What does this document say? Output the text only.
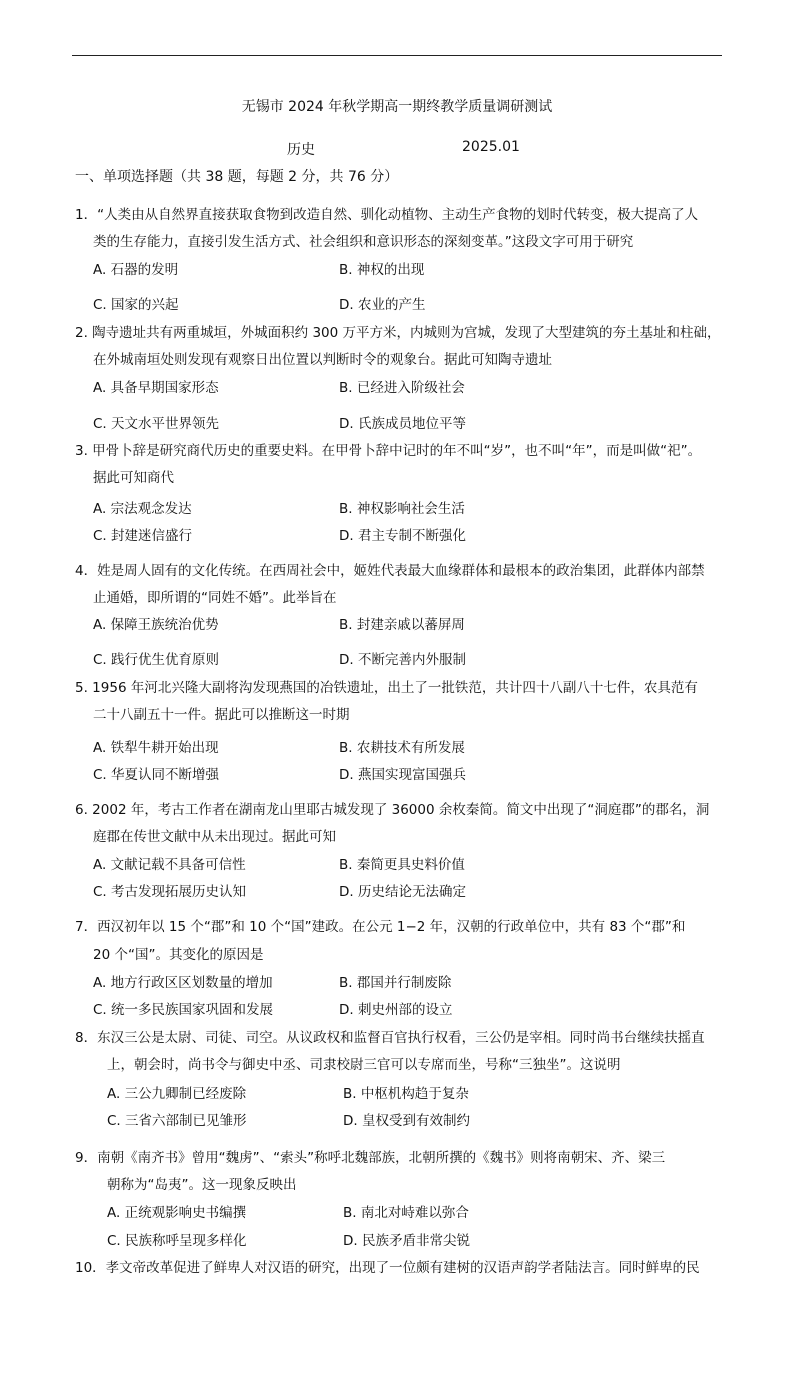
无锡市 2024 年秋学期高一期终教学质量调研测试
历史	2025.01
一、单项选择题（共 38 题，每题 2 分，共 76 分）
1．“人类由从自然界直接获取食物到改造自然、驯化动植物、主动生产食物的划时代转变，极大提高了人
类的生存能力，直接引发生活方式、社会组织和意识形态的深刻变革。”这段文字可用于研究
A. 石器的发明	B. 神权的出现
C. 国家的兴起	D. 农业的产生
2. 陶寺遗址共有两重城垣，外城面积约 300 万平方米，内城则为宫城，发现了大型建筑的夯土基址和柱础，
在外城南垣处则发现有观察日出位置以判断时令的观象台。据此可知陶寺遗址
A. 具备早期国家形态	B. 已经进入阶级社会
C. 天文水平世界领先	D. 氏族成员地位平等
3. 甲骨卜辞是研究商代历史的重要史料。在甲骨卜辞中记时的年不叫“岁”，也不叫“年”，而是叫做“祀”。
据此可知商代
A. 宗法观念发达	B. 神权影响社会生活
C. 封建迷信盛行	D. 君主专制不断强化
4．姓是周人固有的文化传统。在西周社会中，姬姓代表最大血缘群体和最根本的政治集团，此群体内部禁
止通婚，即所谓的“同姓不婚”。此举旨在
A. 保障王族统治优势	B. 封建亲戚以蕃屏周
C. 践行优生优育原则	D. 不断完善内外服制
5. 1956 年河北兴隆大副将沟发现燕国的冶铁遗址，出土了一批铁范，共计四十八副八十七件，农具范有
二十八副五十一件。据此可以推断这一时期
A. 铁犁牛耕开始出现	B. 农耕技术有所发展
C. 华夏认同不断增强	D. 燕国实现富国强兵
6. 2002 年，考古工作者在湖南龙山里耶古城发现了 36000 余枚秦简。简文中出现了“洞庭郡”的郡名，洞
庭郡在传世文献中从未出现过。据此可知
A. 文献记载不具备可信性	B. 秦简更具史料价值
C. 考古发现拓展历史认知	D. 历史结论无法确定
7．西汉初年以 15 个“郡”和 10 个“国”建政。在公元 1−2 年，汉朝的行政单位中，共有 83 个“郡”和
20 个“国”。其变化的原因是
A. 地方行政区区划数量的增加	B. 郡国并行制废除
C. 统一多民族国家巩固和发展	D. 刺史州部的设立
8．东汉三公是太尉、司徒、司空。从议政权和监督百官执行权看，三公仍是宰相。同时尚书台继续扶摇直
上，朝会时，尚书令与御史中丞、司隶校尉三官可以专席而坐，号称“三独坐”。这说明
A. 三公九卿制已经废除	B. 中枢机构趋于复杂
C. 三省六部制已见雏形	D. 皇权受到有效制约
9．南朝《南齐书》曾用“魏虏”、“索头”称呼北魏部族，北朝所撰的《魏书》则将南朝宋、齐、梁三
朝称为“岛夷”。这一现象反映出
A. 正统观影响史书编撰	B. 南北对峙难以弥合
C. 民族称呼呈现多样化	D. 民族矛盾非常尖锐
10．孝文帝改革促进了鲜卑人对汉语的研究，出现了一位颇有建树的汉语声韵学者陆法言。同时鲜卑的民
